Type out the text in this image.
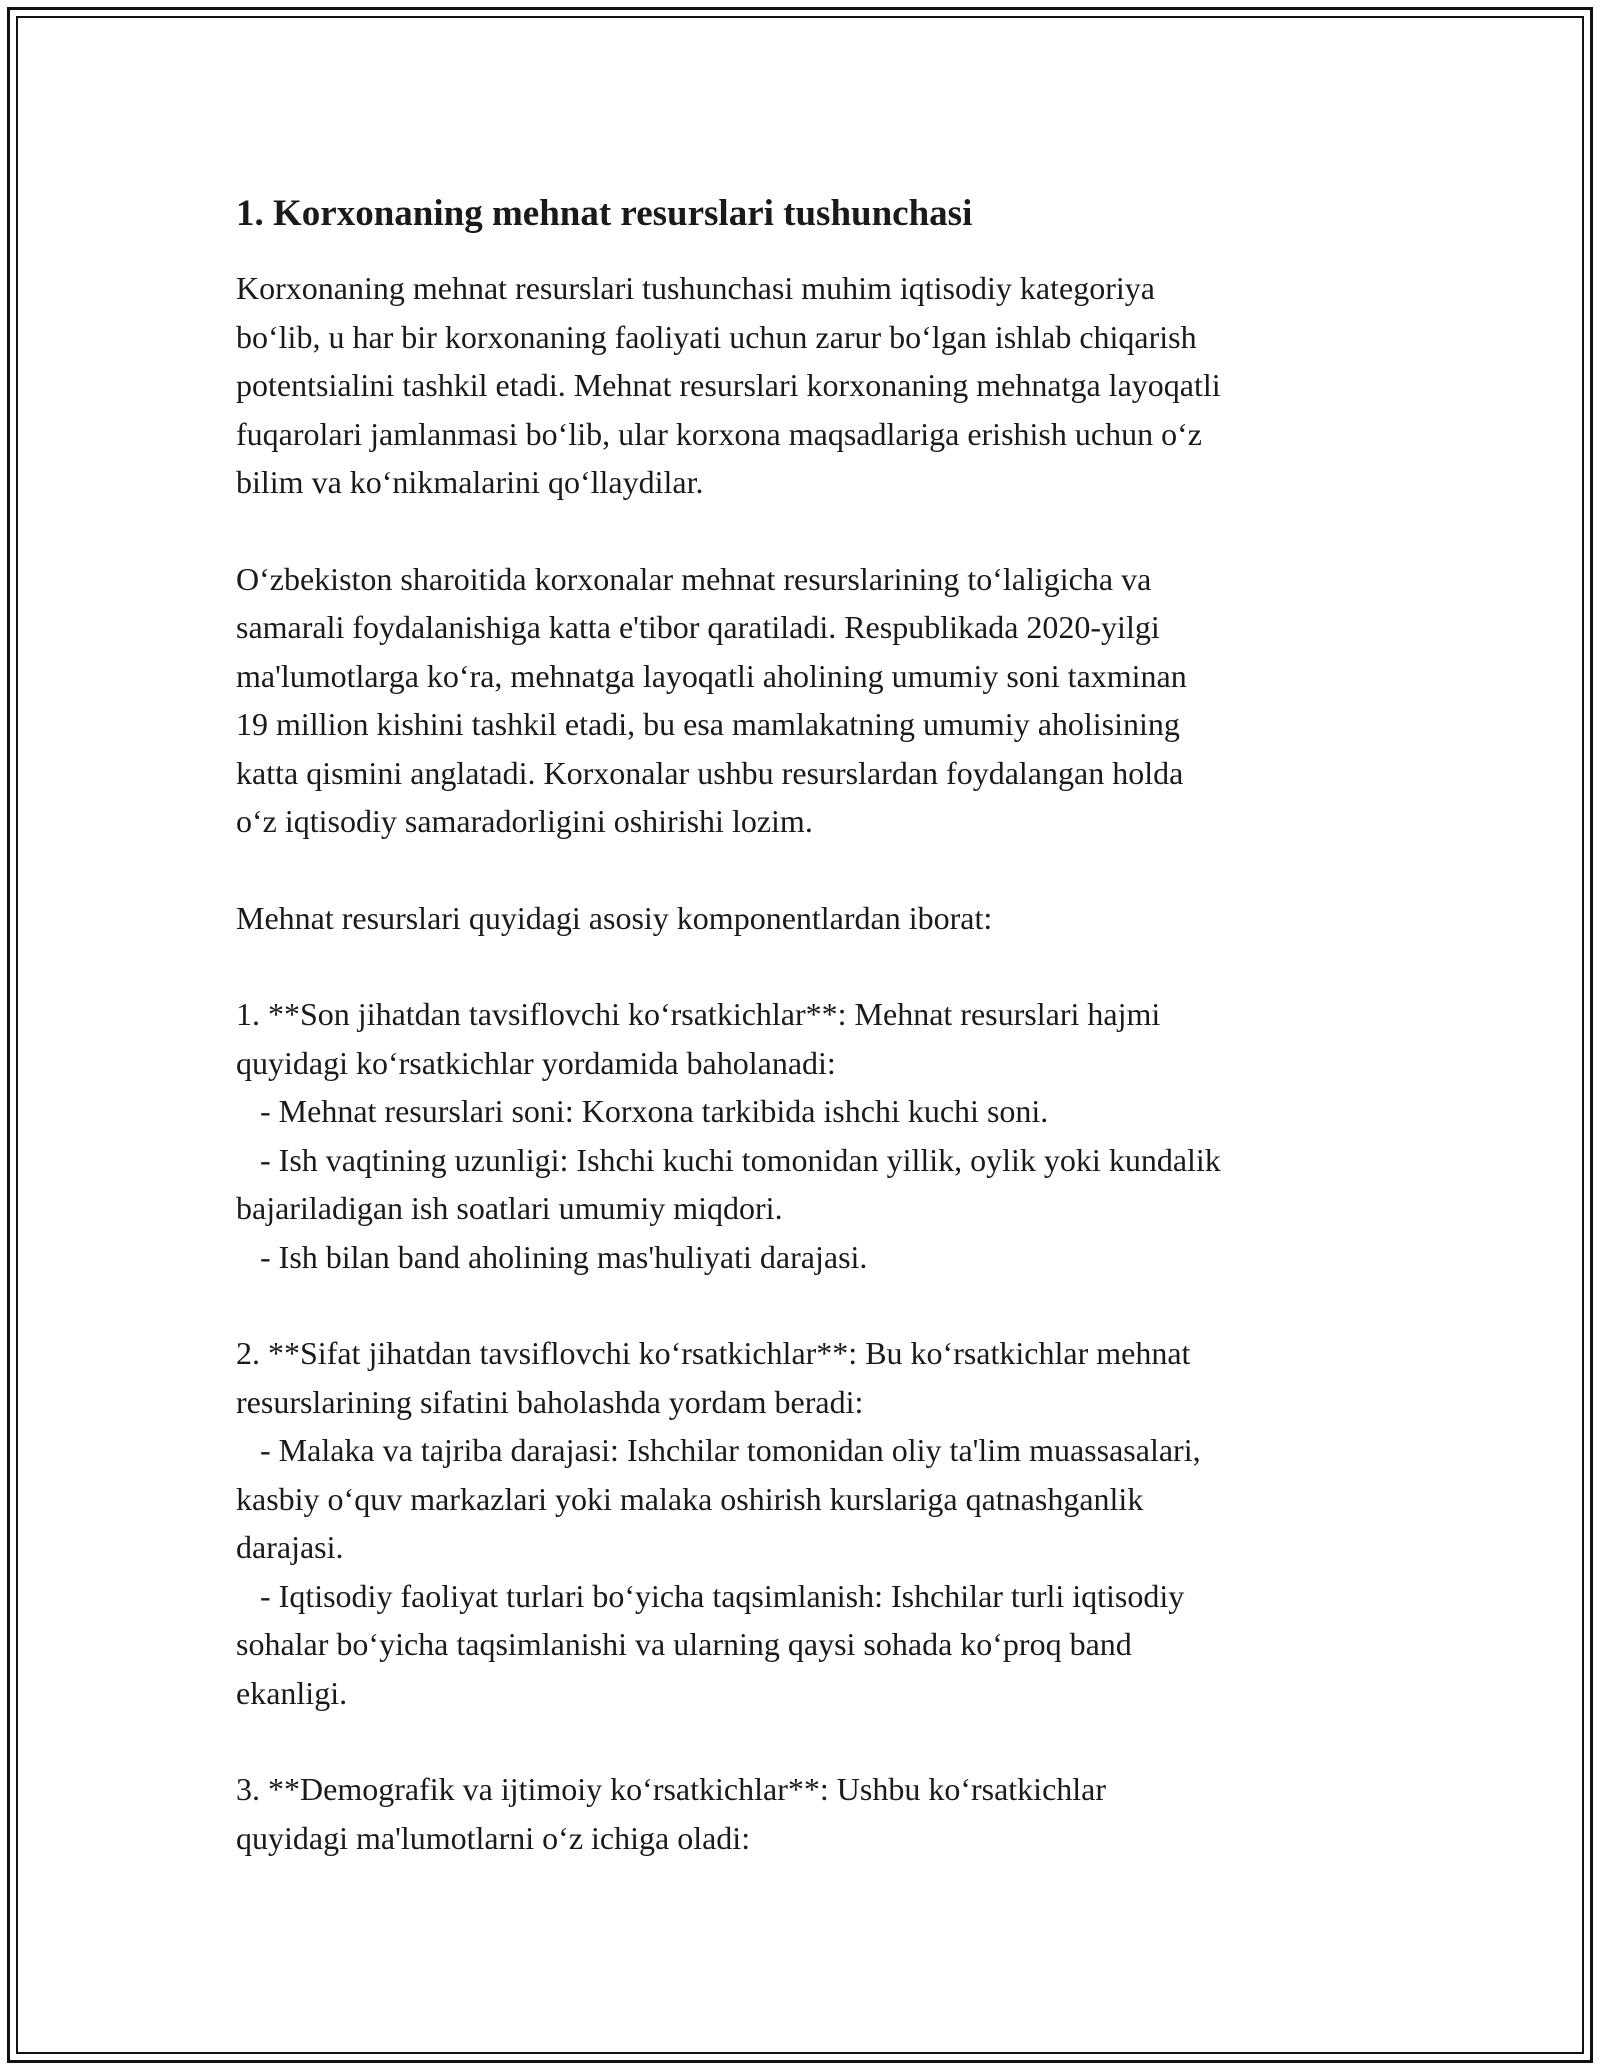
1. Korxonaning mehnat resurslari tushunchasi

Korxonaning mehnat resurslari tushunchasi muhim iqtisodiy kategoriya
bo‘lib, u har bir korxonaning faoliyati uchun zarur bo‘lgan ishlab chiqarish
potentsialini tashkil etadi. Mehnat resurslari korxonaning mehnatga layoqatli
fuqarolari jamlanmasi bo‘lib, ular korxona maqsadlariga erishish uchun o‘z
bilim va ko‘nikmalarini qo‘llaydilar.

O‘zbekiston sharoitida korxonalar mehnat resurslarining to‘laligicha va
samarali foydalanishiga katta e'tibor qaratiladi. Respublikada 2020-yilgi
ma'lumotlarga ko‘ra, mehnatga layoqatli aholining umumiy soni taxminan
19 million kishini tashkil etadi, bu esa mamlakatning umumiy aholisining
katta qismini anglatadi. Korxonalar ushbu resurslardan foydalangan holda
o‘z iqtisodiy samaradorligini oshirishi lozim.

Mehnat resurslari quyidagi asosiy komponentlardan iborat:

1. **Son jihatdan tavsiflovchi ko‘rsatkichlar**: Mehnat resurslari hajmi
quyidagi ko‘rsatkichlar yordamida baholanadi:
- Mehnat resurslari soni: Korxona tarkibida ishchi kuchi soni.
- Ish vaqtining uzunligi: Ishchi kuchi tomonidan yillik, oylik yoki kundalik
bajariladigan ish soatlari umumiy miqdori.
- Ish bilan band aholining mas'huliyati darajasi.

2. **Sifat jihatdan tavsiflovchi ko‘rsatkichlar**: Bu ko‘rsatkichlar mehnat
resurslarining sifatini baholashda yordam beradi:
- Malaka va tajriba darajasi: Ishchilar tomonidan oliy ta'lim muassasalari,
kasbiy o‘quv markazlari yoki malaka oshirish kurslariga qatnashganlik
darajasi.
- Iqtisodiy faoliyat turlari bo‘yicha taqsimlanish: Ishchilar turli iqtisodiy
sohalar bo‘yicha taqsimlanishi va ularning qaysi sohada ko‘proq band
ekanligi.

3. **Demografik va ijtimoiy ko‘rsatkichlar**: Ushbu ko‘rsatkichlar
quyidagi ma'lumotlarni o‘z ichiga oladi:
